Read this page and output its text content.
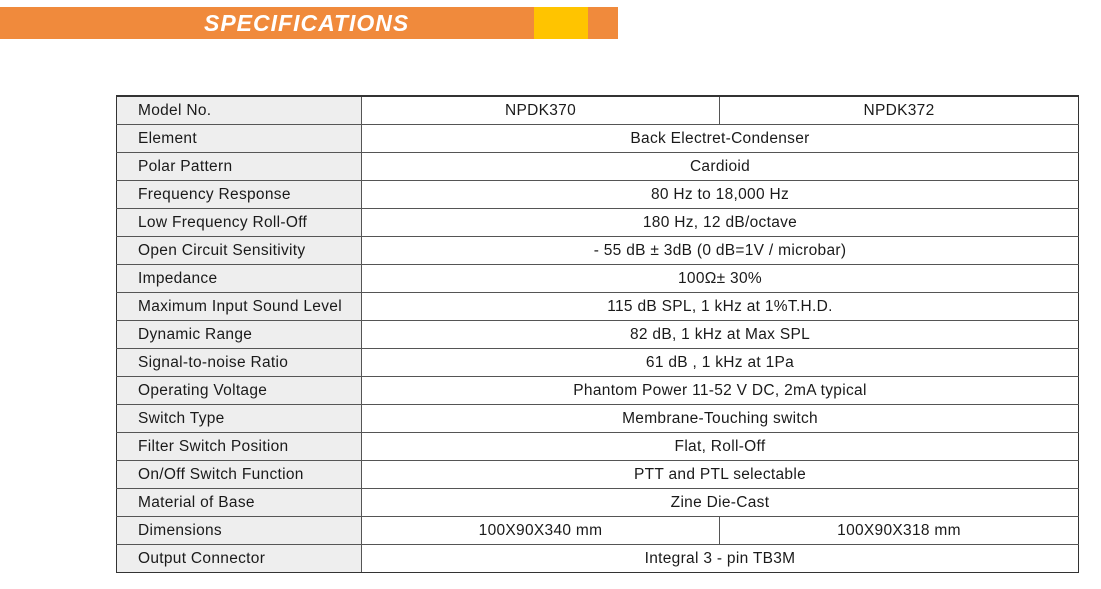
SPECIFICATIONS
Model No.	NPDK370	NPDK372
Element	Back Electret-Condenser	
Polar Pattern	Cardioid	
Frequency Response	80 Hz to 18,000 Hz	
Low Frequency Roll-Off	180 Hz, 12 dB/octave	
Open Circuit Sensitivity	- 55 dB ± 3dB (0 dB=1V / microbar)	
Impedance	100Ω± 30%	
Maximum Input Sound Level	115 dB SPL, 1 kHz at 1%T.H.D.	
Dynamic Range	82 dB, 1 kHz at Max SPL	
Signal-to-noise Ratio	61 dB , 1 kHz at 1Pa	
Operating Voltage	Phantom Power 11-52 V DC, 2mA typical	
Switch Type	Membrane-Touching switch	
Filter Switch Position	Flat, Roll-Off	
On/Off Switch Function	PTT and PTL selectable	
Material of Base	Zine Die-Cast	
Dimensions	100X90X340 mm	100X90X318 mm
Output Connector	Integral 3 - pin TB3M	
